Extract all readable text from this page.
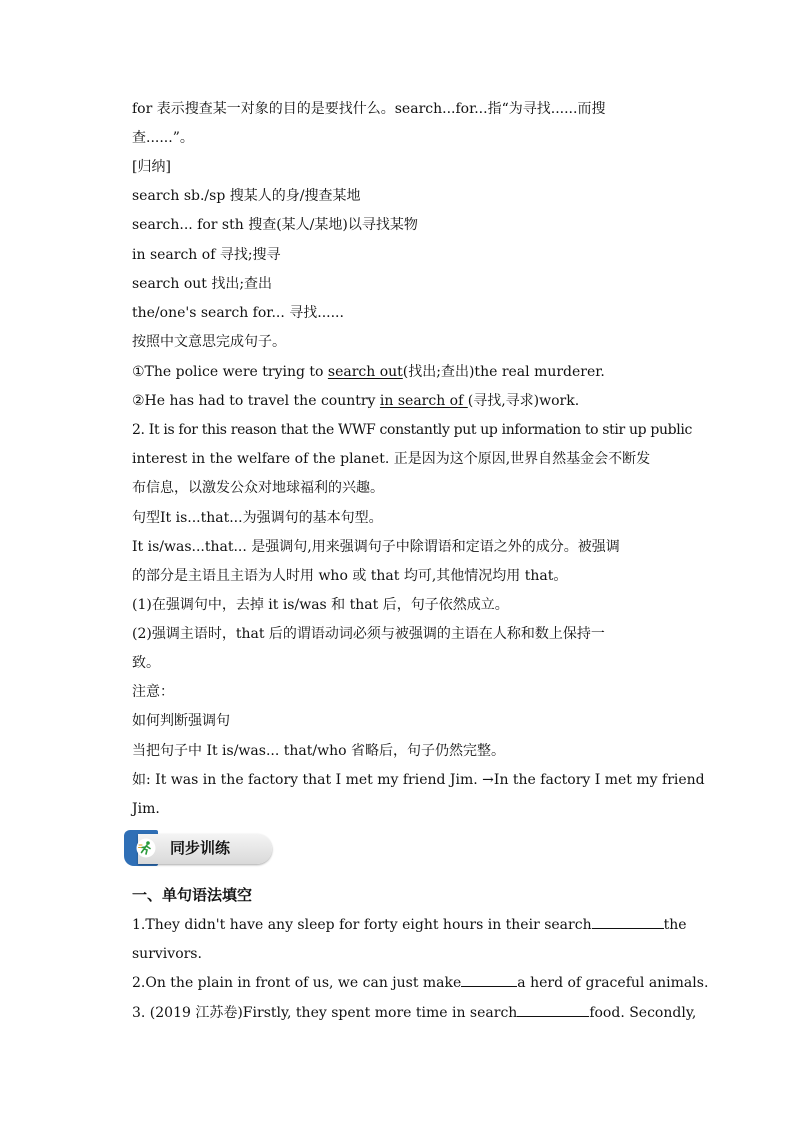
for 表示搜查某一对象的目的是要找什么。search...for...指“为寻找......而搜
查......”。
[归纳]
search sb./sp 搜某人的身/搜查某地
search... for sth 搜查(某人/某地)以寻找某物
in search of 寻找;搜寻
search out 找出;查出
the/one's search for... 寻找......
按照中文意思完成句子。
①The police were trying to search out(找出;查出)the real murderer.
②He has had to travel the country in search of (寻找,寻求)work.
2. It is for this reason that the WWF constantly put up information to stir up public
interest in the welfare of the planet. 正是因为这个原因,世界自然基金会不断发
布信息，以激发公众对地球福利的兴趣。
句型It is...that...为强调句的基本句型。
It is/was...that... 是强调句,用来强调句子中除谓语和定语之外的成分。被强调
的部分是主语且主语为人时用 who 或 that 均可,其他情况均用 that。
(1)在强调句中，去掉 it is/was 和 that 后，句子依然成立。
(2)强调主语时，that 后的谓语动词必须与被强调的主语在人称和数上保持一
致。
注意：
如何判断强调句
当把句子中 It is/was... that/who 省略后，句子仍然完整。
如: It was in the factory that I met my friend Jim. →In the factory I met my friend
Jim.
同步训练
一、单句语法填空
1.They didn't have any sleep for forty eight hours in their search	the
survivors.
2.On the plain in front of us, we can just make	a herd of graceful animals.
3. (2019 江苏卷)Firstly, they spent more time in search	food. Secondly,
